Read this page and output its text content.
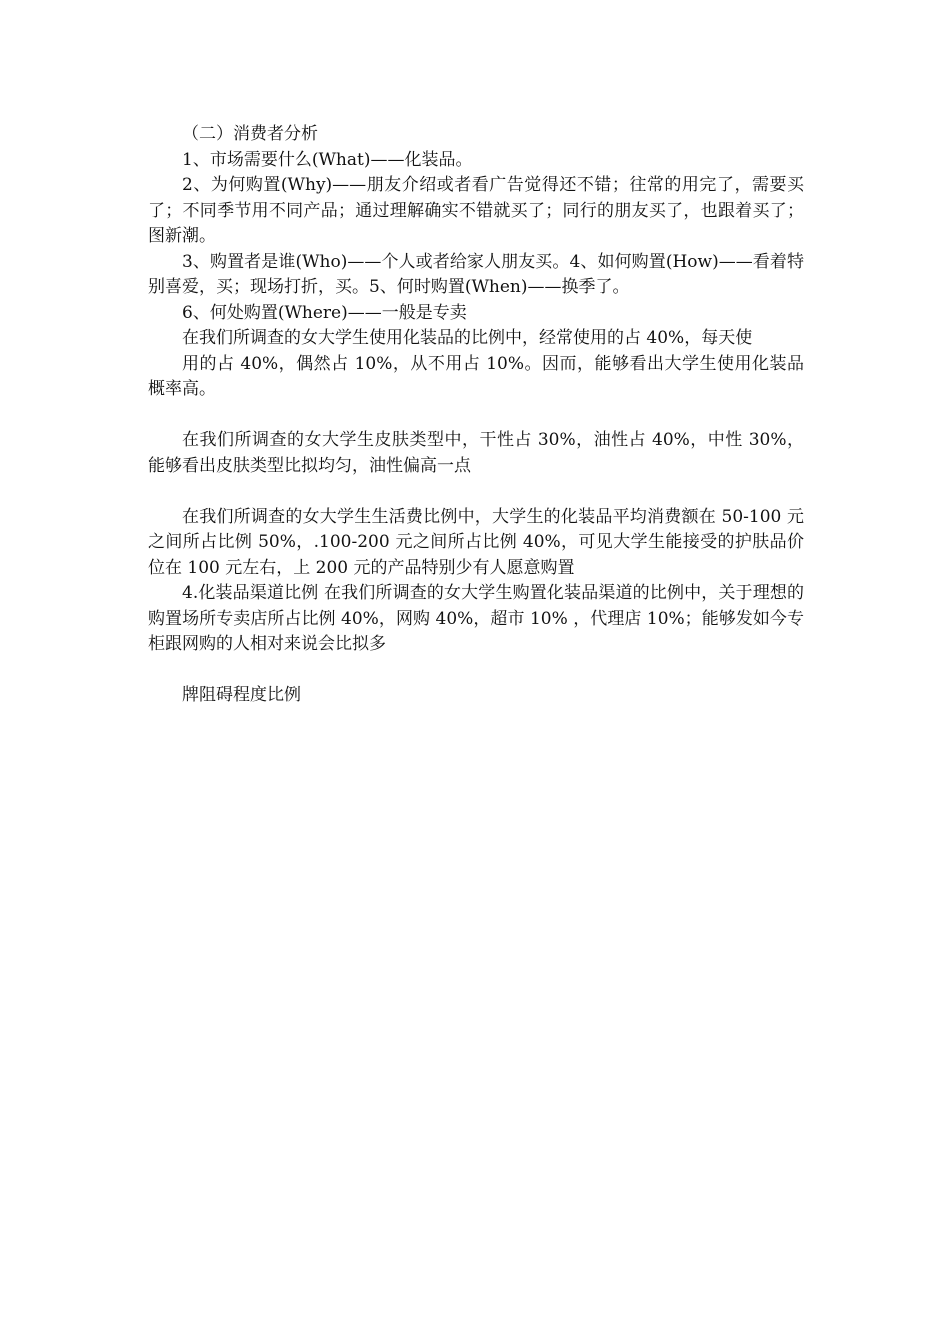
（二）消费者分析

1、市场需要什么(What)——化装品。

2、为何购置(Why)——朋友介绍或者看广告觉得还不错；往常的用完了，需要买了；不同季节用不同产品；通过理解确实不错就买了；同行的朋友买了，也跟着买了；图新潮。

3、购置者是谁(Who)——个人或者给家人朋友买。4、如何购置(How)——看着特别喜爱，买；现场打折，买。5、何时购置(When)——换季了。

6、何处购置(Where)——一般是专卖

在我们所调查的女大学生使用化装品的比例中，经常使用的占 40%，每天使

用的占 40%，偶然占 10%，从不用占 10%。因而，能够看出大学生使用化装品概率高。

在我们所调查的女大学生皮肤类型中，干性占 30%，油性占 40%，中性 30%，能够看出皮肤类型比拟均匀，油性偏高一点

在我们所调查的女大学生生活费比例中，大学生的化装品平均消费额在 50-100 元之间所占比例 50%，.100-200 元之间所占比例 40%，可见大学生能接受的护肤品价位在 100 元左右，上 200 元的产品特别少有人愿意购置

4.化装品渠道比例 在我们所调查的女大学生购置化装品渠道的比例中，关于理想的购置场所专卖店所占比例 40%，网购 40%，超市 10% ，代理店 10%；能够发如今专柜跟网购的人相对来说会比拟多

牌阻碍程度比例
